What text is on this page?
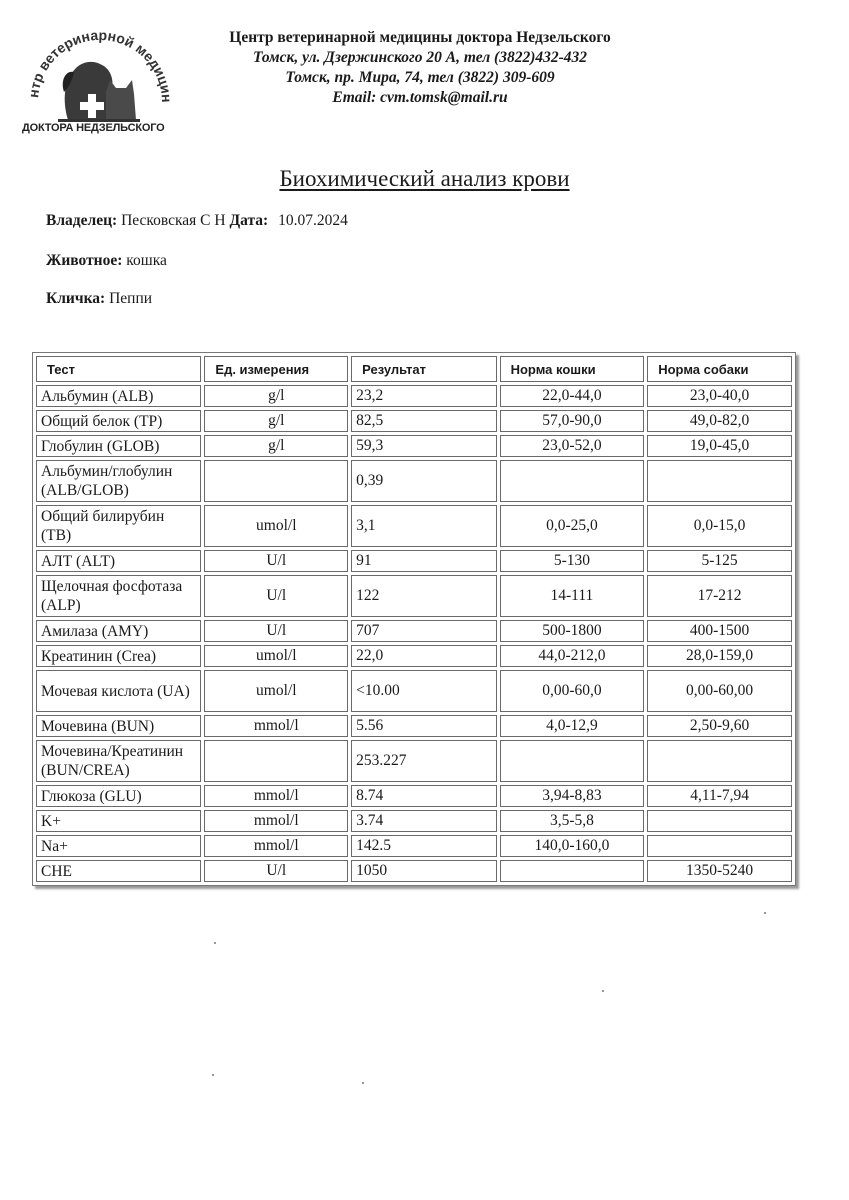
нтр ветеринарной медицин
ДОКТОРА НЕДЗЕЛЬСКОГО
Центр ветеринарной медицины доктора Недзельского
Томск, ул. Дзержинского 20 А, тел (3822)432-432
Томск, пр. Мира, 74, тел (3822) 309-609
Email: cvm.tomsk@mail.ru
Биохимический анализ крови
Владелец: Песковская С Н Дата: 10.07.2024
Животное: кошка
Кличка: Пеппи
Тест	Ед. измерения	Результат	Норма кошки	Норма собаки
Альбумин (ALB)	g/l	23,2	22,0-44,0	23,0-40,0
Общий белок (TP)	g/l	82,5	57,0-90,0	49,0-82,0
Глобулин (GLOB)	g/l	59,3	23,0-52,0	19,0-45,0
Альбумин/глобулин (ALB/GLOB)		0,39		
Общий билирубин (TB)	umol/l	3,1	0,0-25,0	0,0-15,0
АЛТ (ALT)	U/l	91	5-130	5-125
Щелочная фосфотаза (ALP)	U/l	122	14-111	17-212
Амилаза (AMY)	U/l	707	500-1800	400-1500
Креатинин (Crea)	umol/l	22,0	44,0-212,0	28,0-159,0
Мочевая кислота (UA)	umol/l	<10.00	0,00-60,0	0,00-60,00
Мочевина (BUN)	mmol/l	5.56	4,0-12,9	2,50-9,60
Мочевина/Креатинин (BUN/CREA)		253.227		
Глюкоза (GLU)	mmol/l	8.74	3,94-8,83	4,11-7,94
K+	mmol/l	3.74	3,5-5,8	
Na+	mmol/l	142.5	140,0-160,0	
CHE	U/l	1050		1350-5240
